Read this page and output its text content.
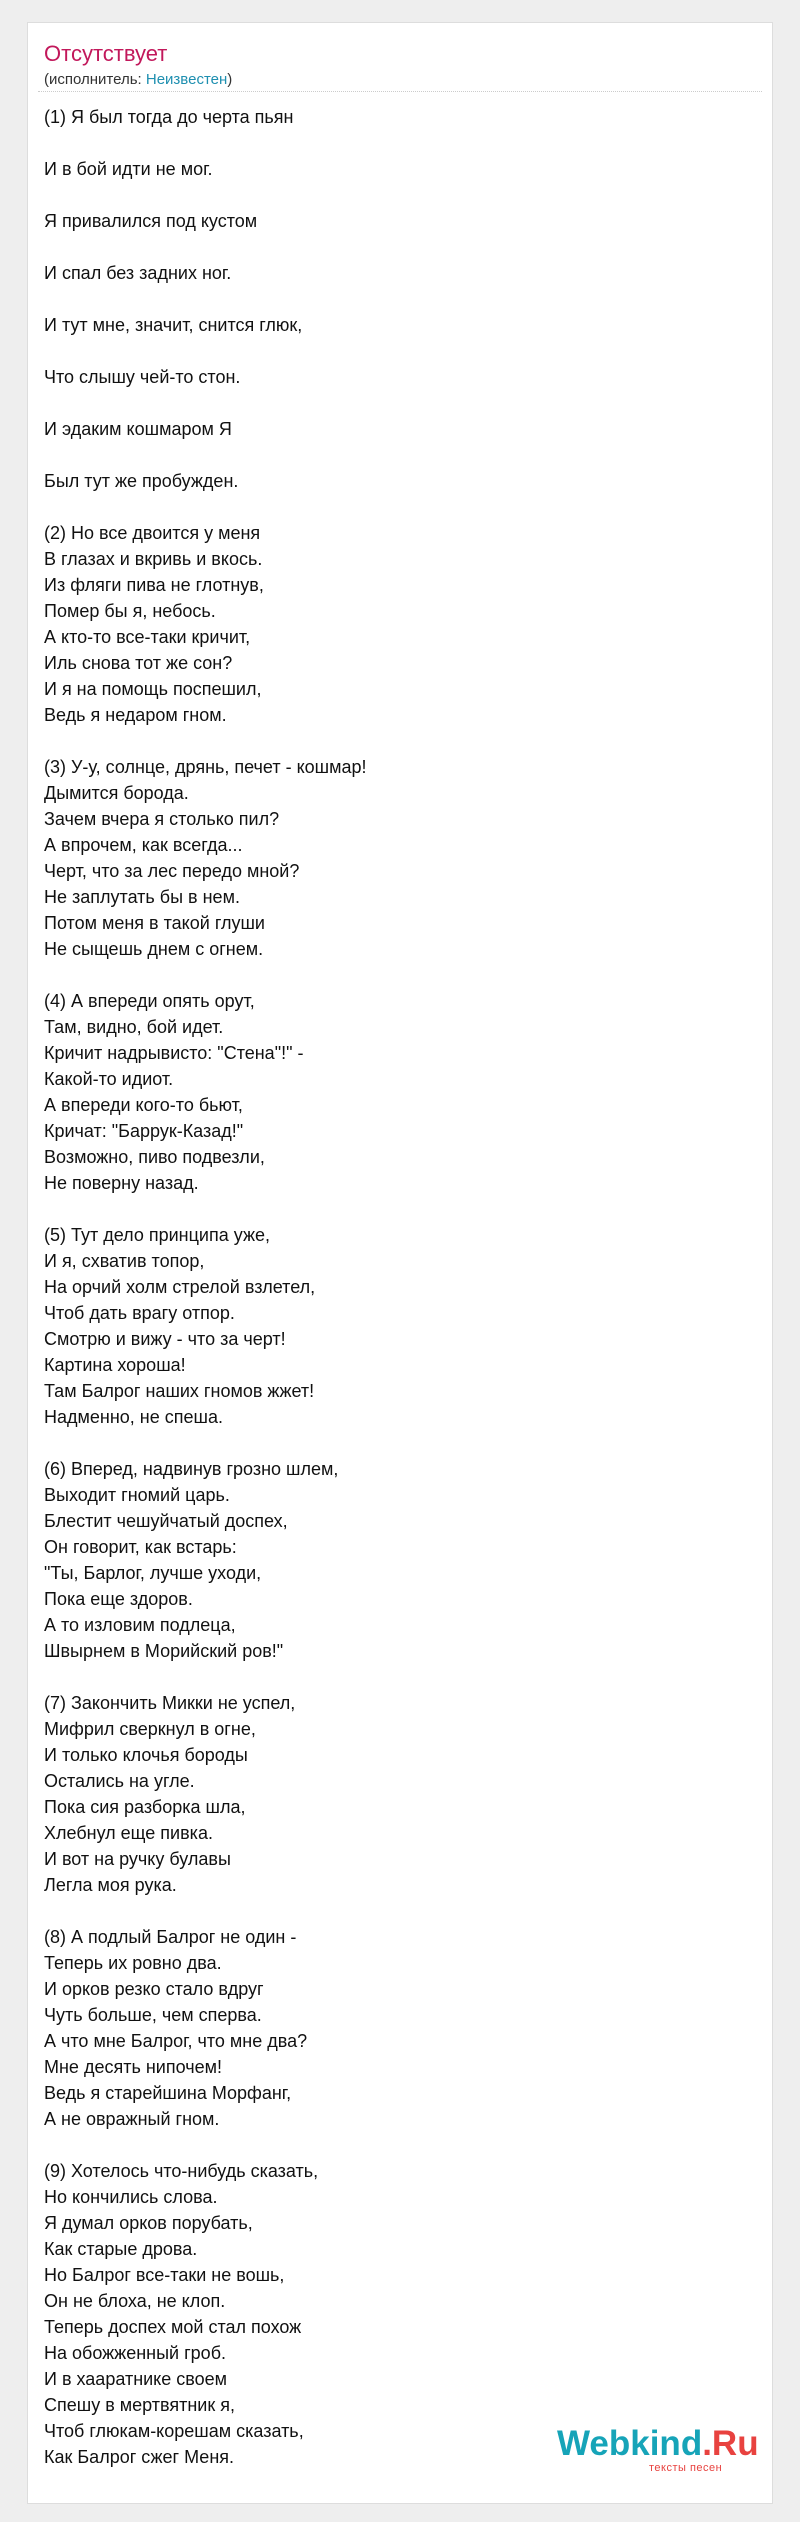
Отсутствует
(исполнитель: Неизвестен)
(1) Я был тогда до черта пьян
И в бой идти не мог.
Я привалился под кустом
И спал без задних ног.
И тут мне, значит, снится глюк,
Что слышу чей-то стон.
И эдаким кошмаром Я
Был тут же пробужден.
(2) Но все двоится у меня
В глазах и вкривь и вкось.
Из фляги пива не глотнув,
Помер бы я, небось.
А кто-то все-таки кричит,
Иль снова тот же сон?
И я на помощь поспешил,
Ведь я недаром гном.
(3) У-у, солнце, дрянь, печет - кошмар!
Дымится борода.
Зачем вчера я столько пил?
А впрочем, как всегда...
Черт, что за лес передо мной?
Не заплутать бы в нем.
Потом меня в такой глуши
Не сыщешь днем с огнем.
(4) А впереди опять орут,
Там, видно, бой идет.
Кричит надрывисто: "Стена"!" -
Какой-то идиот.
А впереди кого-то бьют,
Кричат: "Баррук-Казад!"
Возможно, пиво подвезли,
Не поверну назад.
(5) Тут дело принципа уже,
И я, схватив топор,
На орчий холм стрелой взлетел,
Чтоб дать врагу отпор.
Смотрю и вижу - что за черт!
Картина хороша!
Там Балрог наших гномов жжет!
Надменно, не спеша.
(6) Вперед, надвинув грозно шлем,
Выходит гномий царь.
Блестит чешуйчатый доспех,
Он говорит, как встарь:
"Ты, Барлог, лучше уходи,
Пока еще здоров.
А то изловим подлеца,
Швырнем в Морийский ров!"
(7) Закончить Микки не успел,
Мифрил сверкнул в огне,
И только клочья бороды
Остались на угле.
Пока сия разборка шла,
Хлебнул еще пивка.
И вот на ручку булавы
Легла моя рука.
(8) А подлый Балрог не один -
Теперь их ровно два.
И орков резко стало вдруг
Чуть больше, чем сперва.
А что мне Балрог, что мне два?
Мне десять нипочем!
Ведь я старейшина Морфанг,
А не овражный гном.
(9) Хотелось что-нибудь сказать,
Но кончились слова.
Я думал орков порубать,
Как старые дрова.
Но Балрог все-таки не вошь,
Он не блоха, не клоп.
Теперь доспех мой стал похож
На обожженный гроб.
И в хаaратнике своем
Спешу в мертвятник я,
Чтоб глюкам-корешам сказать,
Как Балрог сжег Меня.	Webkind.Ru
тексты песен
